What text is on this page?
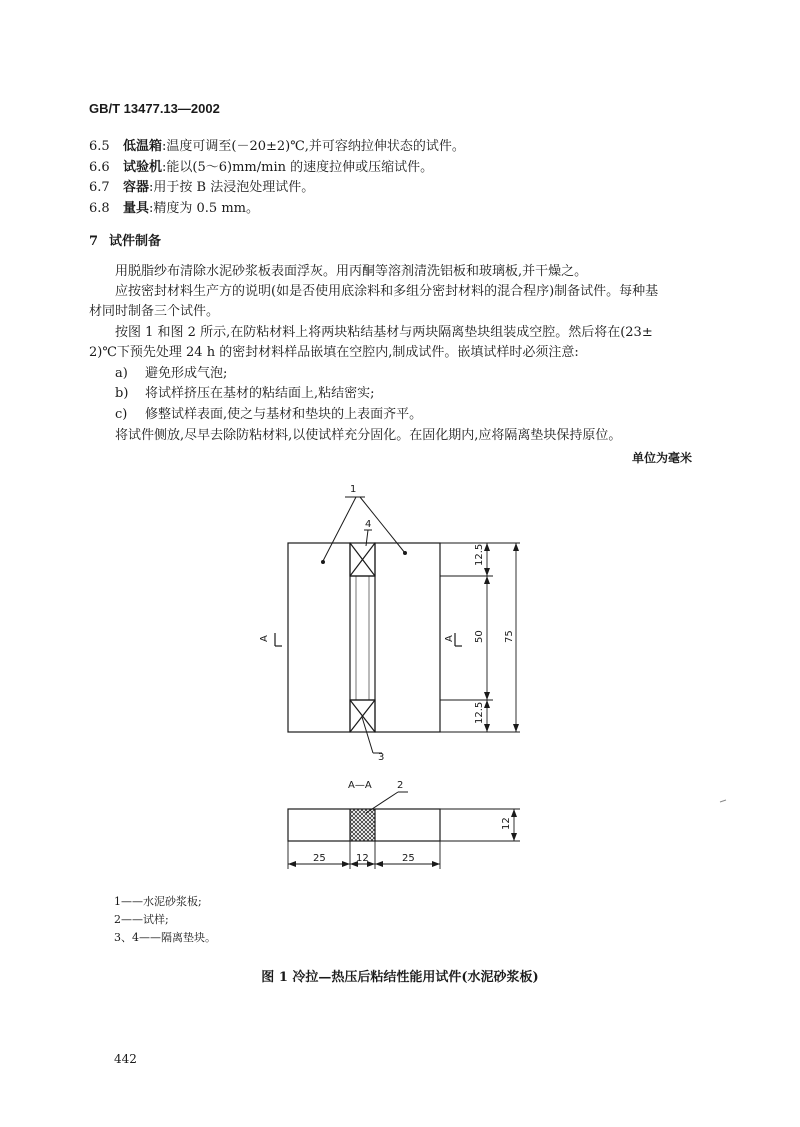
GB/T 13477.13—2002
6.5 低温箱:温度可调至(－20±2)℃,并可容纳拉伸状态的试件。
6.6 试验机:能以(5～6)mm/min 的速度拉伸或压缩试件。
6.7 容器:用于按 B 法浸泡处理试件。
6.8 量具:精度为 0.5 mm。
7 试件制备
用脱脂纱布清除水泥砂浆板表面浮灰。用丙酮等溶剂清洗铝板和玻璃板,并干燥之。
应按密封材料生产方的说明(如是否使用底涂料和多组分密封材料的混合程序)制备试件。每种基
材同时制备三个试件。
按图 1 和图 2 所示,在防粘材料上将两块粘结基材与两块隔离垫块组装成空腔。然后将在(23±
2)℃下预先处理 24 h 的密封材料样品嵌填在空腔内,制成试件。嵌填试样时必须注意:
a) 避免形成气泡;
b) 将试样挤压在基材的粘结面上,粘结密实;
c) 修整试样表面,使之与基材和垫块的上表面齐平。
将试件侧放,尽早去除防粘材料,以使试样充分固化。在固化期内,应将隔离垫块保持原位。
单位为毫米
1
4
3
2
A	A
A—A
12.5
50 75
12.5
12
25	12	25
1——水泥砂浆板;
2——试样;
3、4——隔离垫块。
图 1 冷拉—热压后粘结性能用试件(水泥砂浆板)
442
